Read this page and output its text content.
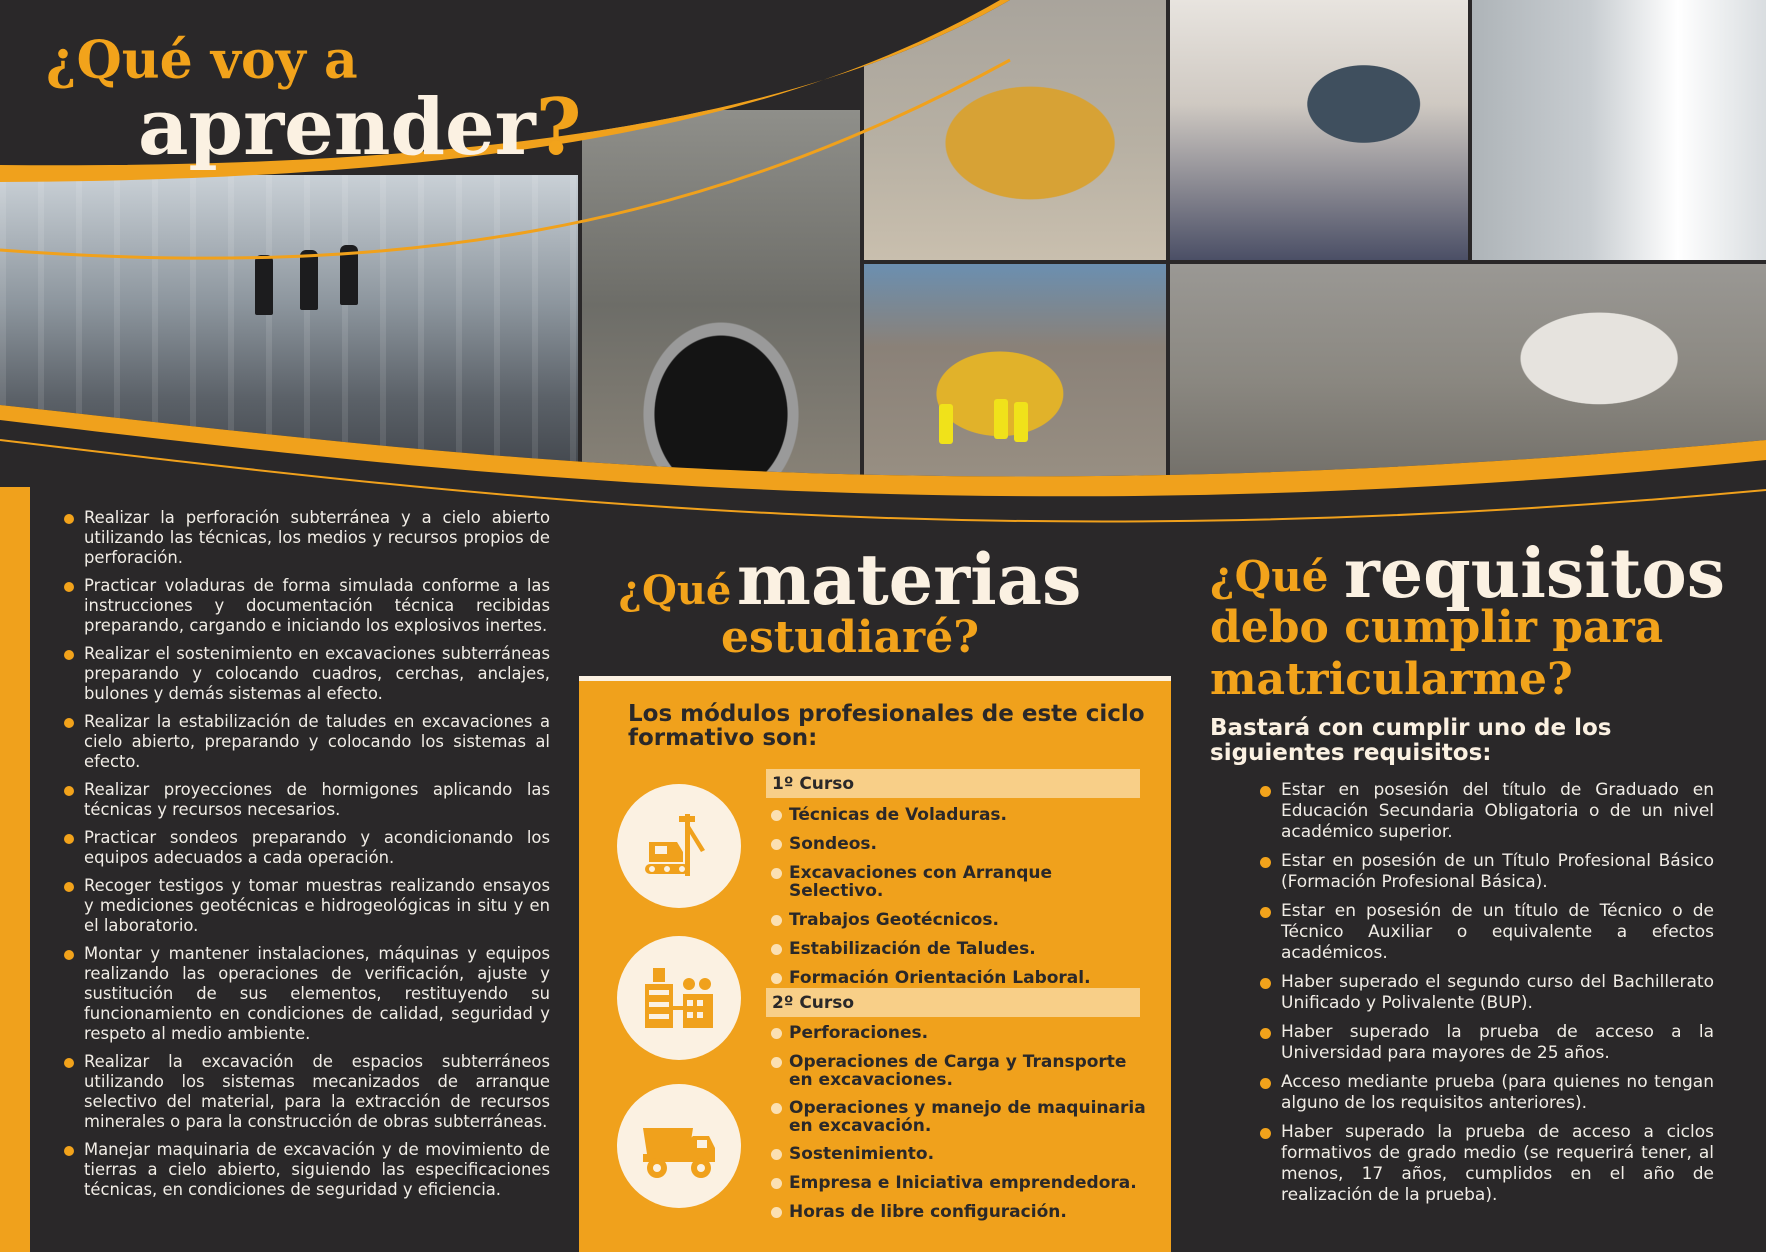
¿Qué voy a
aprender?
Realizar la perforación subterránea y a cielo abierto utilizando las técnicas, los medios y recursos propios de perforación.
Practicar voladuras de forma simulada conforme a las instrucciones y documentación técnica recibidas preparando, cargando e iniciando los explosivos inertes.
Realizar el sostenimiento en excavaciones subterráneas preparando y colocando cuadros, cerchas, anclajes, bulones y demás sistemas al efecto.
Realizar la estabilización de taludes en excavaciones a cielo abierto, preparando y colocando los sistemas al efecto.
Realizar proyecciones de hormigones aplicando las técnicas y recursos necesarios.
Practicar sondeos preparando y acondicionando los equipos adecuados a cada operación.
Recoger testigos y tomar muestras realizando ensayos y mediciones geotécnicas e hidrogeológicas in situ y en el laboratorio.
Montar y mantener instalaciones, máquinas y equipos realizando las operaciones de verificación, ajuste y sustitución de sus elementos, restituyendo su funcionamiento en condiciones de calidad, seguridad y respeto al medio ambiente.
Realizar la excavación de espacios subterráneos utilizando los sistemas mecanizados de arranque selectivo del material, para la extracción de recursos minerales o para la construcción de obras subterráneas.
Manejar maquinaria de excavación y de movimiento de tierras a cielo abierto, siguiendo las especificaciones técnicas, en condiciones de seguridad y eficiencia.
¿Qué materias
estudiaré?
Los módulos profesionales de este ciclo formativo son:
1º Curso
Técnicas de Voladuras.
Sondeos.
Excavaciones con Arranque Selectivo.
Trabajos Geotécnicos.
Estabilización de Taludes.
Formación Orientación Laboral.
2º Curso
Perforaciones.
Operaciones de Carga y Transporte en excavaciones.
Operaciones y manejo de maquinaria en excavación.
Sostenimiento.
Empresa e Iniciativa emprendedora.
Horas de libre configuración.
¿Qué requisitos
debo cumplir para
matricularme?
Bastará con cumplir uno de los siguientes requisitos:
Estar en posesión del título de Graduado en Educación Secundaria Obligatoria o de un nivel académico superior.
Estar en posesión de un Título Profesional Básico (Formación Profesional Básica).
Estar en posesión de un título de Técnico o de Técnico Auxiliar o equivalente a efectos académicos.
Haber superado el segundo curso del Bachillerato Unificado y Polivalente (BUP).
Haber superado la prueba de acceso a la Universidad para mayores de 25 años.
Acceso mediante prueba (para quienes no tengan alguno de los requisitos anteriores).
Haber superado la prueba de acceso a ciclos formativos de grado medio (se requerirá tener, al menos, 17 años, cumplidos en el año de realización de la prueba).
